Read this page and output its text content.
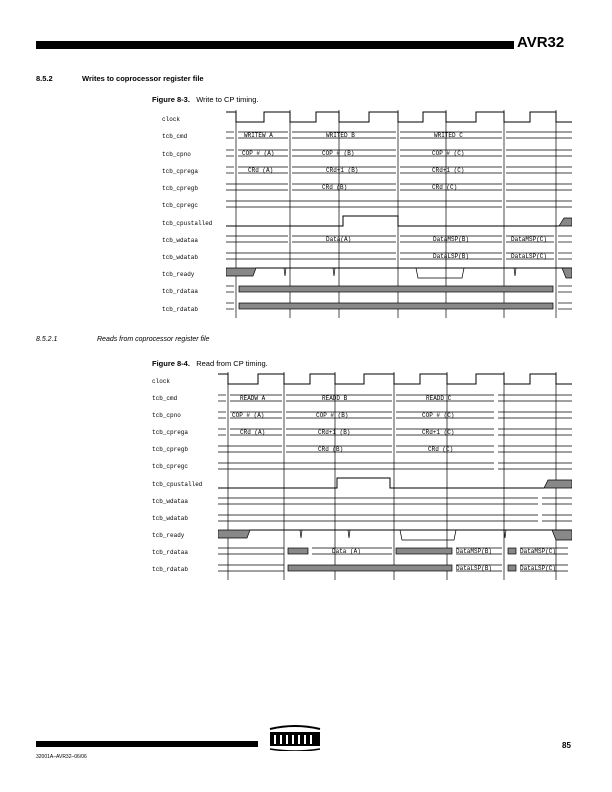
AVR32
8.5.2	Writes to coprocessor register file
Figure 8-3. Write to CP timing.
clock
tcb_cmd
tcb_cpno
tcb_cprega
tcb_cpregb
tcb_cpregc
tcb_cpustalled
tcb_wdataa
tcb_wdatab
tcb_ready
tcb_rdataa
tcb_rdatab
WRITEW A	WRITED B	WRITED C
COP # (A)	COP # (B)	COP # (C)
CRd (A)	CRd+1 (B)	CRd+1 (C)
CRd (B)	CRd (C)
Data(A)	DataMSP(B)	DataMSP(C)
DataLSP(B)	DataLSP(C)
8.5.2.1	Reads from coprocessor register file
Figure 8-4. Read from CP timing.
clock
tcb_cmd
tcb_cpno
tcb_cprega
tcb_cpregb
tcb_cpregc
tcb_cpustalled
tcb_wdataa
tcb_wdatab
tcb_ready
tcb_rdataa
tcb_rdatab
READW A	READD B	READD C
COP # (A)	COP # (B)	COP # (C)
CRd (A)	CRd+1 (B)	CRd+1 (C)
CRd (B)	CRd (C)
Data (A)	DataMSP(B)	DataMSP(C)
DataLSP(B)	DataLSP(C)
32001A–AVR32–06/06
85
